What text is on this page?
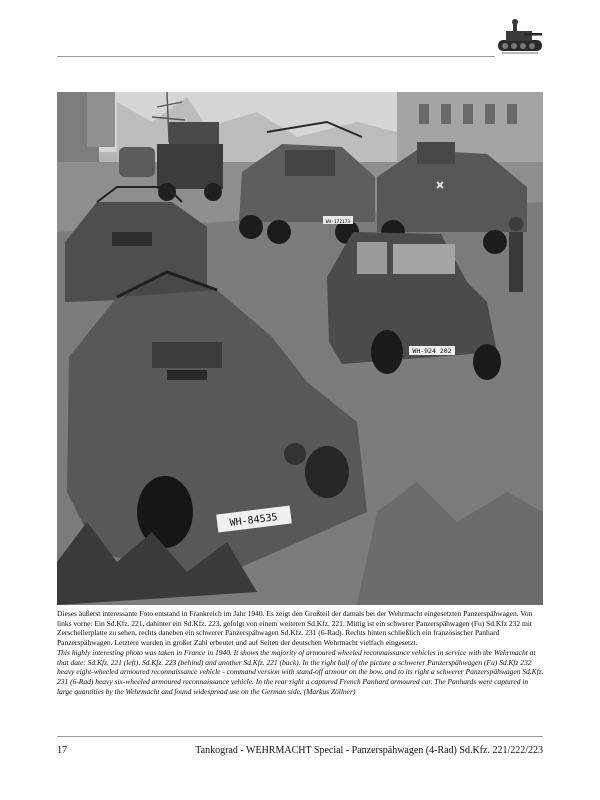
WH-84535
WH-924 202
WH-172173

Dieses äußerst interessante Foto entstand in Frankreich im Jahr 1940. Es zeigt den Großteil der damals bei der Wehrmacht eingesetzten Panzerspähwagen. Von links vorne: Ein Sd.Kfz. 221, dahinter ein Sd.Kfz. 223, gefolgt von einem weiteren Sd.Kfz. 221. Mittig ist ein schwerer Panzerspähwagen (Fu) Sd.Kfz 232 mit Zerschellerplatte zu sehen, rechts daneben ein schwerer Panzerspähwagen Sd.Kfz. 231 (6-Rad). Rechts hinten schließlich ein französischer Panhard Panzerspähwagen. Letztere wurden in großer Zahl erbeutet und auf Seiten der deutschen Wehrmacht vielfach eingesetzt.

This highly interesting photo was taken in France in 1940. It shows the majority of armoured wheeled reconnaissance vehicles in service with the Wehrmacht at that date: Sd.Kfz. 221 (left), Sd.Kfz. 223 (behind) and another Sd.Kfz. 221 (back). In the right half of the picture a schwerer Panzerspähwagen (Fu) Sd.Kfz 232 heavy eight-wheeled armoured reconnaissance vehicle - command version with stand-off armour on the bow, and to its right a schwerer Panzerspähwagen Sd.Kfz. 231 (6-Rad) heavy six-wheeled armoured reconnaissance vehicle. In the rear right a captured French Panhard armoured car. The Panhards were captured in large quantities by the Wehrmacht and found widespread use on the German side. (Markus Zöllner)

17	Tankograd - WEHRMACHT Special - Panzerspähwagen (4-Rad) Sd.Kfz. 221/222/223
